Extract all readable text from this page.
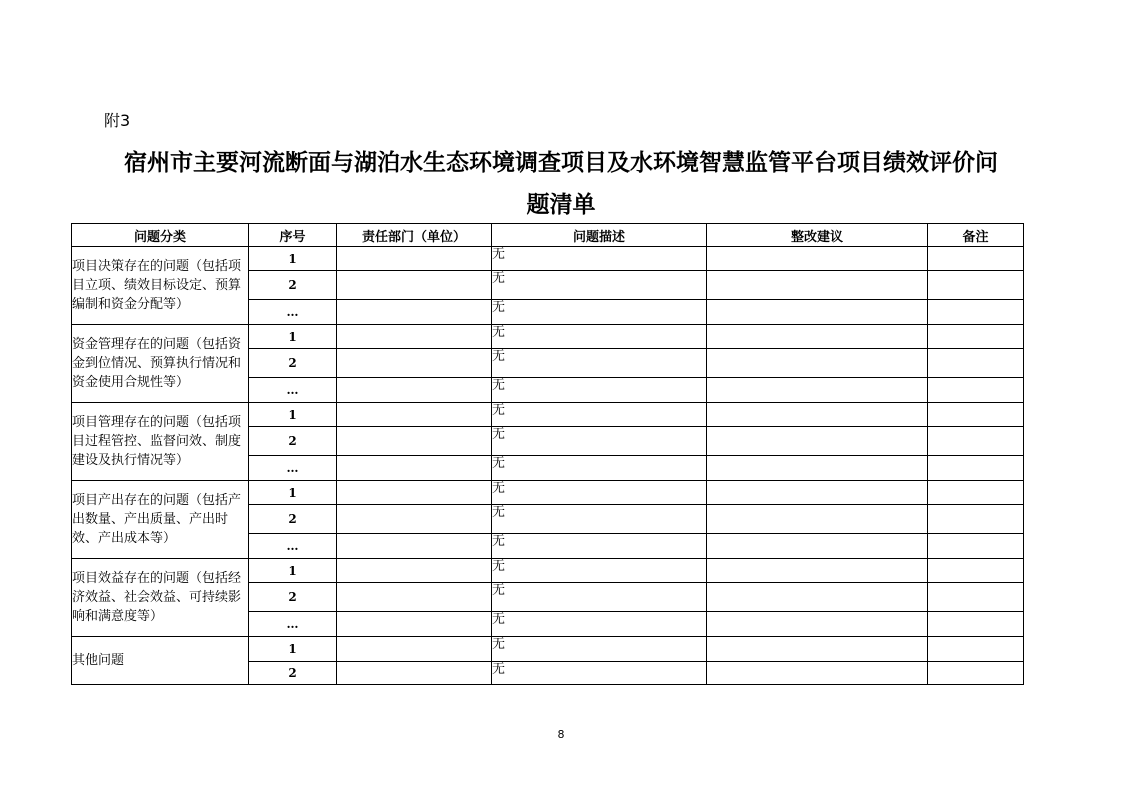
附3
宿州市主要河流断面与湖泊水生态环境调查项目及水环境智慧监管平台项目绩效评价问
题清单
问题分类	序号	责任部门（单位）	问题描述	整改建议	备注
项目决策存在的问题（包括项目立项、绩效目标设定、预算编制和资金分配等）	1		无		
	2		无		
	…		无		
资金管理存在的问题（包括资金到位情况、预算执行情况和资金使用合规性等）	1		无		
	2		无		
	…		无		
项目管理存在的问题（包括项目过程管控、监督问效、制度建设及执行情况等）	1		无		
	2		无		
	…		无		
项目产出存在的问题（包括产出数量、产出质量、产出时效、产出成本等）	1		无		
	2		无		
	…		无		
项目效益存在的问题（包括经济效益、社会效益、可持续影响和满意度等）	1		无		
	2		无		
	…		无		
其他问题	1		无		
	2		无		
8
